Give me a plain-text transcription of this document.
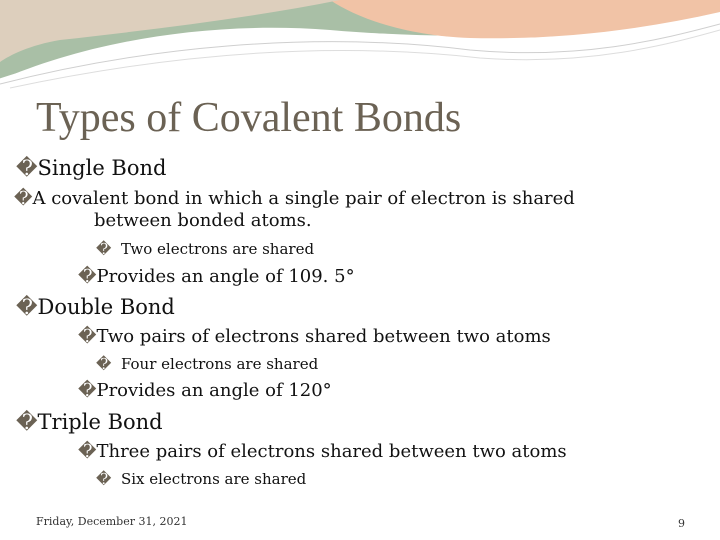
Types of Covalent Bonds
�Single Bond
�A covalent bond in which a single pair of electron is shared
between bonded atoms.
� Two electrons are shared
�Provides an angle of 109. 5°
�Double Bond
�Two pairs of electrons shared between two atoms
� Four electrons are shared
�Provides an angle of 120°
�Triple Bond
�Three pairs of electrons shared between two atoms
� Six electrons are shared
Friday, December 31, 2021	9
